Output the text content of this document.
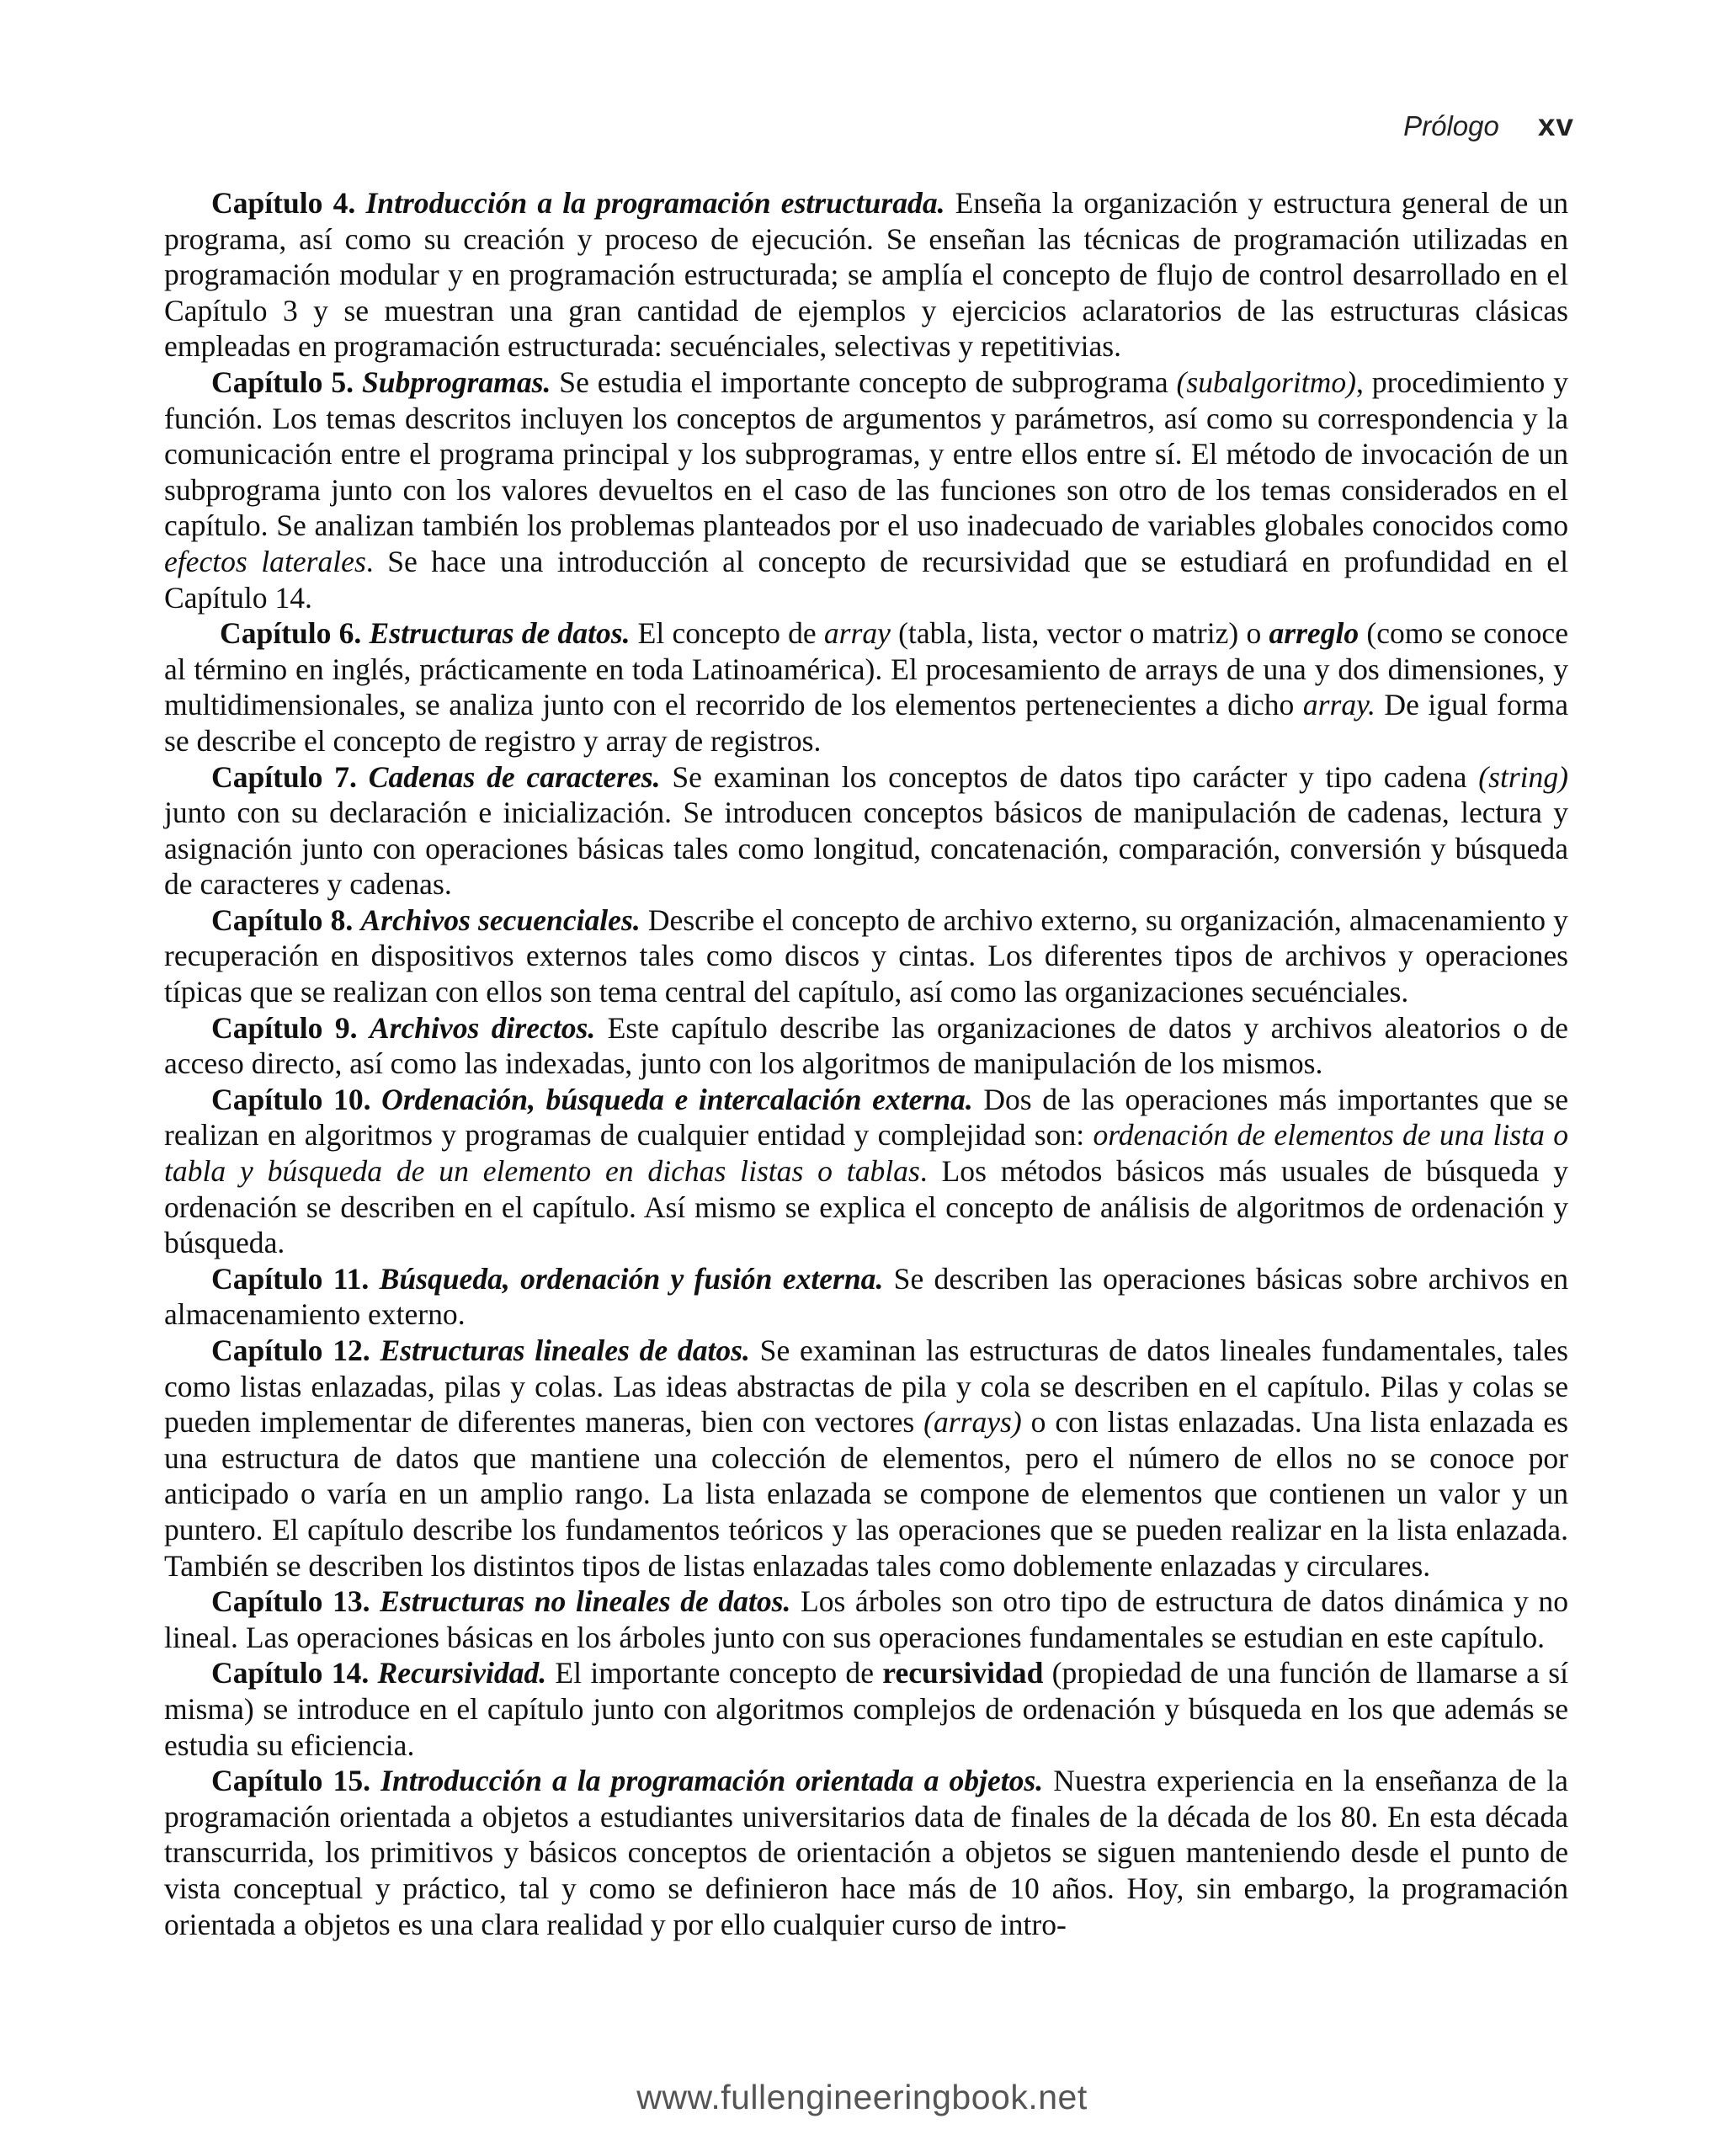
Prólogo xv

Capítulo 4. Introducción a la programación estructurada. Enseña la organización y estructura general de un programa, así como su creación y proceso de ejecución. Se enseñan las técnicas de programación utilizadas en programación modular y en programación estructurada; se amplía el concepto de flujo de control desarrollado en el Capítulo 3 y se muestran una gran cantidad de ejemplos y ejercicios aclaratorios de las estructuras clásicas empleadas en programación estructurada: secuénciales, selectivas y repetitivias.

Capítulo 5. Subprogramas. Se estudia el importante concepto de subprograma (subalgoritmo), procedimiento y función. Los temas descritos incluyen los conceptos de argumentos y parámetros, así como su correspondencia y la comunicación entre el programa principal y los subprogramas, y entre ellos entre sí. El método de invocación de un subprograma junto con los valores devueltos en el caso de las funciones son otro de los temas considerados en el capítulo. Se analizan también los problemas planteados por el uso inadecuado de variables globales conocidos como efectos laterales. Se hace una introducción al concepto de recursividad que se estudiará en profundidad en el Capítulo 14.

Capítulo 6. Estructuras de datos. El concepto de array (tabla, lista, vector o matriz) o arreglo (como se conoce al término en inglés, prácticamente en toda Latinoamérica). El procesamiento de arrays de una y dos dimensiones, y multidimensionales, se analiza junto con el recorrido de los elementos pertenecientes a dicho array. De igual forma se describe el concepto de registro y array de registros.

Capítulo 7. Cadenas de caracteres. Se examinan los conceptos de datos tipo carácter y tipo cadena (string) junto con su declaración e inicialización. Se introducen conceptos básicos de manipulación de cadenas, lectura y asignación junto con operaciones básicas tales como longitud, concatenación, comparación, conversión y búsqueda de caracteres y cadenas.

Capítulo 8. Archivos secuenciales. Describe el concepto de archivo externo, su organización, almacenamiento y recuperación en dispositivos externos tales como discos y cintas. Los diferentes tipos de archivos y operaciones típicas que se realizan con ellos son tema central del capítulo, así como las organizaciones secuénciales.

Capítulo 9. Archivos directos. Este capítulo describe las organizaciones de datos y archivos aleatorios o de acceso directo, así como las indexadas, junto con los algoritmos de manipulación de los mismos.

Capítulo 10. Ordenación, búsqueda e intercalación externa. Dos de las operaciones más importantes que se realizan en algoritmos y programas de cualquier entidad y complejidad son: ordenación de elementos de una lista o tabla y búsqueda de un elemento en dichas listas o tablas. Los métodos básicos más usuales de búsqueda y ordenación se describen en el capítulo. Así mismo se explica el concepto de análisis de algoritmos de ordenación y búsqueda.

Capítulo 11. Búsqueda, ordenación y fusión externa. Se describen las operaciones básicas sobre archivos en almacenamiento externo.

Capítulo 12. Estructuras lineales de datos. Se examinan las estructuras de datos lineales fundamentales, tales como listas enlazadas, pilas y colas. Las ideas abstractas de pila y cola se describen en el capítulo. Pilas y colas se pueden implementar de diferentes maneras, bien con vectores (arrays) o con listas enlazadas. Una lista enlazada es una estructura de datos que mantiene una colección de elementos, pero el número de ellos no se conoce por anticipado o varía en un amplio rango. La lista enlazada se compone de elementos que contienen un valor y un puntero. El capítulo describe los fundamentos teóricos y las operaciones que se pueden realizar en la lista enlazada. También se describen los distintos tipos de listas enlazadas tales como doblemente enlazadas y circulares.

Capítulo 13. Estructuras no lineales de datos. Los árboles son otro tipo de estructura de datos dinámica y no lineal. Las operaciones básicas en los árboles junto con sus operaciones fundamentales se estudian en este capítulo.

Capítulo 14. Recursividad. El importante concepto de recursividad (propiedad de una función de llamarse a sí misma) se introduce en el capítulo junto con algoritmos complejos de ordenación y búsqueda en los que además se estudia su eficiencia.

Capítulo 15. Introducción a la programación orientada a objetos. Nuestra experiencia en la enseñanza de la programación orientada a objetos a estudiantes universitarios data de finales de la década de los 80. En esta década transcurrida, los primitivos y básicos conceptos de orientación a objetos se siguen manteniendo desde el punto de vista conceptual y práctico, tal y como se definieron hace más de 10 años. Hoy, sin embargo, la programación orientada a objetos es una clara realidad y por ello cualquier curso de intro-

www.fullengineeringbook.net
